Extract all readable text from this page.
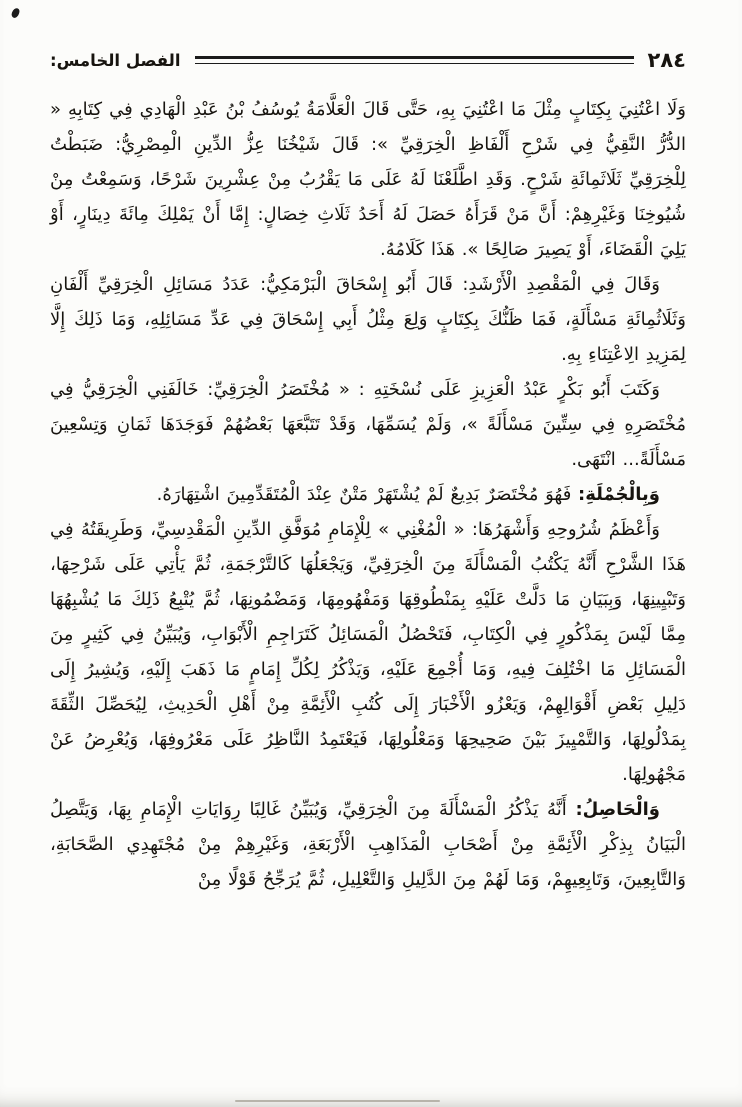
٢٨٤
الفصل الخامس:

وَلَا اعْتُنِيَ بِكِتَابٍ مِثْلَ مَا اعْتُنِيَ بِهِ، حَتَّى قَالَ الْعَلَّامَةُ يُوسُفُ بْنُ عَبْدِ الْهَادِي فِي كِتَابِهِ « الدُّرُّ النَّقِيُّ فِي شَرْحِ أَلْفَاظِ الْخِرَقِيِّ »: قَالَ شَيْخُنَا عِزُّ الدِّينِ الْمِصْرِيُّ: ضَبَطْتُ لِلْخِرَقِيِّ ثَلَاثَمِائَةِ شَرْحٍ. وَقَدِ اطَّلَعْنَا لَهُ عَلَى مَا يَقْرُبُ مِنْ عِشْرِينَ شَرْحًا، وَسَمِعْتُ مِنْ شُيُوخِنَا وَغَيْرِهِمْ: أَنَّ مَنْ قَرَأَهُ حَصَلَ لَهُ أَحَدُ ثَلَاثِ خِصَالٍ: إِمَّا أَنْ يَمْلِكَ مِائَةَ دِينَارٍ، أَوْ يَلِيَ الْقَضَاءَ، أَوْ يَصِيرَ صَالِحًا ». هَذَا كَلَامُهُ.

وَقَالَ فِي الْمَقْصِدِ الْأَرْشَدِ: قَالَ أَبُو إِسْحَاقَ الْبَرْمَكِيُّ: عَدَدُ مَسَائِلِ الْخِرَقِيِّ أَلْفَانِ وَثَلَاثُمِائَةِ مَسْأَلَةٍ، فَمَا ظَنُّكَ بِكِتَابٍ وَلِعَ مِثْلُ أَبِي إِسْحَاقَ فِي عَدِّ مَسَائِلِهِ، وَمَا ذَلِكَ إِلَّا لِمَزِيدِ الِاعْتِنَاءِ بِهِ.

وَكَتَبَ أَبُو بَكْرٍ عَبْدُ الْعَزِيزِ عَلَى نُسْخَتِهِ : « مُخْتَصَرُ الْخِرَقِيِّ: خَالَفَنِي الْخِرَقِيُّ فِي مُخْتَصَرِهِ فِي سِتِّينَ مَسْأَلَةً »، وَلَمْ يُسَمِّهَا، وَقَدْ تَتَبَّعَهَا بَعْضُهُمْ فَوَجَدَهَا ثَمَانِ وَتِسْعِينَ مَسْأَلَةً... انْتَهَى.

وَبِالْجُمْلَةِ: فَهُوَ مُخْتَصَرٌ بَدِيعٌ لَمْ يُشْتَهَرْ مَتْنٌ عِنْدَ الْمُتَقَدِّمِينَ اشْتِهَارَهُ.

وَأَعْظَمُ شُرُوحِهِ وَأَشْهَرُهَا: « الْمُغْنِي » لِلْإِمَامِ مُوَفَّقِ الدِّينِ الْمَقْدِسِيِّ، وَطَرِيقَتُهُ فِي هَذَا الشَّرْحِ أَنَّهُ يَكْتُبُ الْمَسْأَلَةَ مِنَ الْخِرَقِيِّ، وَيَجْعَلُهَا كَالتَّرْجَمَةِ، ثُمَّ يَأْتِي عَلَى شَرْحِهَا، وَتَبْيِينِهَا، وَبِبَيَانِ مَا دَلَّتْ عَلَيْهِ بِمَنْطُوقِهَا وَمَفْهُومِهَا، وَمَضْمُونِهَا، ثُمَّ يُتْبِعُ ذَلِكَ مَا يُشْبِهُهَا مِمَّا لَيْسَ بِمَذْكُورٍ فِي الْكِتَابِ، فَتَحْصُلُ الْمَسَائِلُ كَتَرَاجِمِ الْأَبْوَابِ، وَيُبَيِّنُ فِي كَثِيرٍ مِنَ الْمَسَائِلِ مَا اخْتُلِفَ فِيهِ، وَمَا أُجْمِعَ عَلَيْهِ، وَيَذْكُرُ لِكُلِّ إِمَامٍ مَا ذَهَبَ إِلَيْهِ، وَيُشِيرُ إِلَى دَلِيلِ بَعْضِ أَقْوَالِهِمْ، وَيَعْزُو الْأَخْبَارَ إِلَى كُتُبِ الْأَئِمَّةِ مِنْ أَهْلِ الْحَدِيثِ، لِيُحَصِّلَ الثِّقَةَ بِمَدْلُولِهَا، وَالتَّمْيِيزَ بَيْنَ صَحِيحِهَا وَمَعْلُولِهَا، فَيَعْتَمِدُ النَّاظِرُ عَلَى مَعْرُوفِهَا، وَيُعْرِضُ عَنْ مَجْهُولِهَا.

وَالْحَاصِلُ: أَنَّهُ يَذْكُرُ الْمَسْأَلَةَ مِنَ الْخِرَقِيِّ، وَيُبَيِّنُ غَالِبًا رِوَايَاتِ الْإِمَامِ بِهَا، وَيَتَّصِلُ الْبَيَانُ بِذِكْرِ الْأَئِمَّةِ مِنْ أَصْحَابِ الْمَذَاهِبِ الْأَرْبَعَةِ، وَغَيْرِهِمْ مِنْ مُجْتَهِدِي الصَّحَابَةِ، وَالتَّابِعِينَ، وَتَابِعِيهِمْ، وَمَا لَهُمْ مِنَ الدَّلِيلِ وَالتَّعْلِيلِ، ثُمَّ يُرَجِّحُ قَوْلًا مِنْ
